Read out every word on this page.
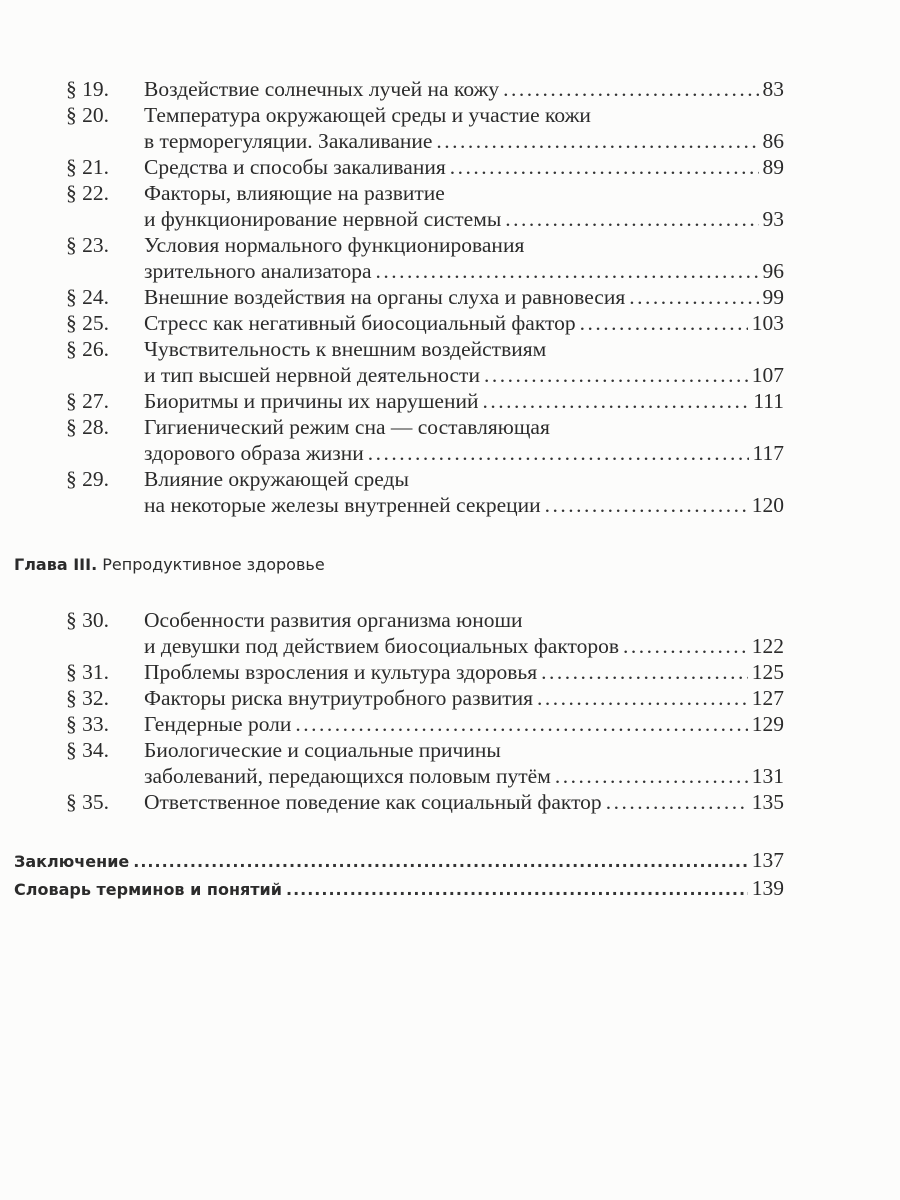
§ 19.	Воздействие солнечных лучей на кожу .....	83
§ 20.	Температура окружающей среды и участие кожи
в терморегуляции. Закаливание .....	86
§ 21.	Средства и способы закаливания .....	89
§ 22.	Факторы, влияющие на развитие
и функционирование нервной системы .....	93
§ 23.	Условия нормального функционирования
зрительного анализатора .....	96
§ 24.	Внешние воздействия на органы слуха и равновесия .....	99
§ 25.	Стресс как негативный биосоциальный фактор .....	103
§ 26.	Чувствительность к внешним воздействиям
и тип высшей нервной деятельности .....	107
§ 27.	Биоритмы и причины их нарушений .....	111
§ 28.	Гигиенический режим сна — составляющая
здорового образа жизни .....	117
§ 29.	Влияние окружающей среды
на некоторые железы внутренней секреции .....	120
Глава III. Репродуктивное здоровье
§ 30.	Особенности развития организма юноши
и девушки под действием биосоциальных факторов .....	122
§ 31.	Проблемы взросления и культура здоровья .....	125
§ 32.	Факторы риска внутриутробного развития .....	127
§ 33.	Гендерные роли .....	129
§ 34.	Биологические и социальные причины
заболеваний, передающихся половым путём .....	131
§ 35.	Ответственное поведение как социальный фактор .....	135
Заключение .....	137
Словарь терминов и понятий .....	139
